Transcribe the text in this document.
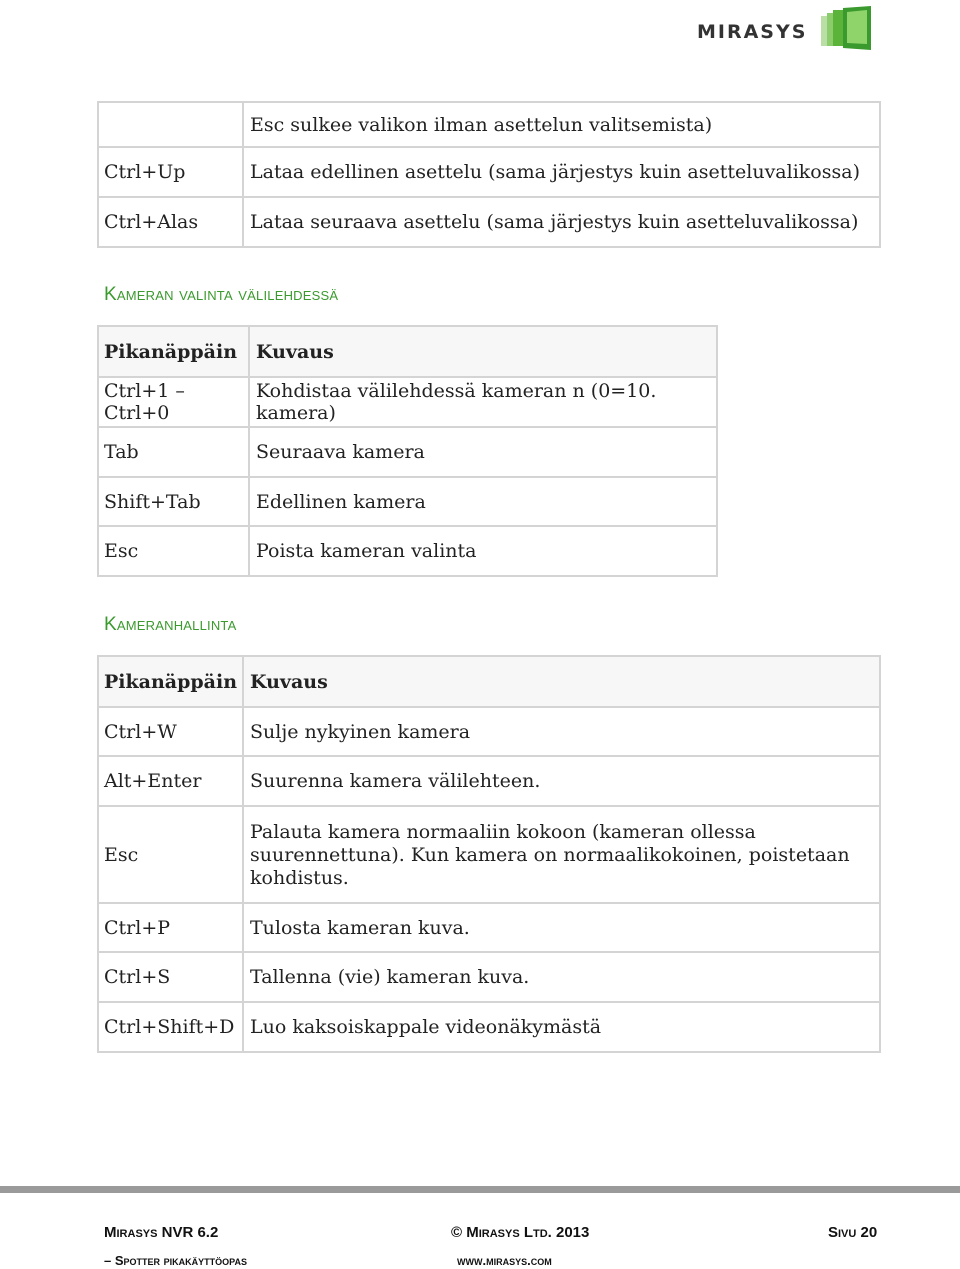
MIRASYS
	Esc sulkee valikon ilman asettelun valitsemista)
Ctrl+Up	Lataa edellinen asettelu (sama järjestys kuin asetteluvalikossa)
Ctrl+Alas	Lataa seuraava asettelu (sama järjestys kuin asetteluvalikossa)
Kameran valinta välilehdessä
Pikanäppäin	Kuvaus
Ctrl+1 – Ctrl+0	Kohdistaa välilehdessä kameran n (0=10. kamera)
Tab	Seuraava kamera
Shift+Tab	Edellinen kamera
Esc	Poista kameran valinta
Kameranhallinta
Pikanäppäin	Kuvaus
Ctrl+W	Sulje nykyinen kamera
Alt+Enter	Suurenna kamera välilehteen.
Esc	Palauta kamera normaaliin kokoon (kameran ollessa suurennettuna). Kun kamera on normaalikokoinen, poistetaan kohdistus.
Ctrl+P	Tulosta kameran kuva.
Ctrl+S	Tallenna (vie) kameran kuva.
Ctrl+Shift+D	Luo kaksoiskappale videonäkymästä
Mirasys NVR 6.2	© Mirasys Ltd. 2013	Sivu 20
– Spotter pikakäyttöopas	www.mirasys.com
